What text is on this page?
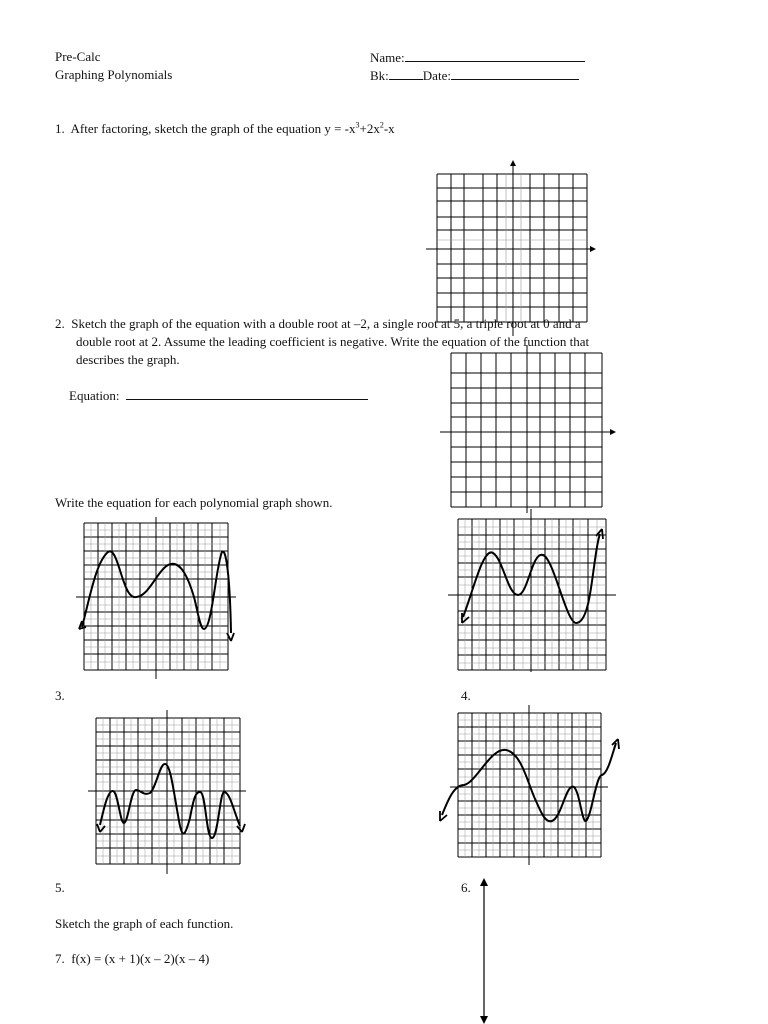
Pre-Calc
Graphing Polynomials
Name:
Bk:	Date:
1. After factoring, sketch the graph of the equation $y = -x^3+2x^2-x$
2. Sketch the graph of the equation with a double root at –2, a single root at 5, a triple root at 0 and a
double root at 2. Assume the leading coefficient is negative. Write the equation of the function that
describes the graph.
Equation:
Write the equation for each polynomial graph shown.
3.	4.
5.	6.
Sketch the graph of each function.
7. f(x) = (x + 1)(x – 2)(x – 4)
